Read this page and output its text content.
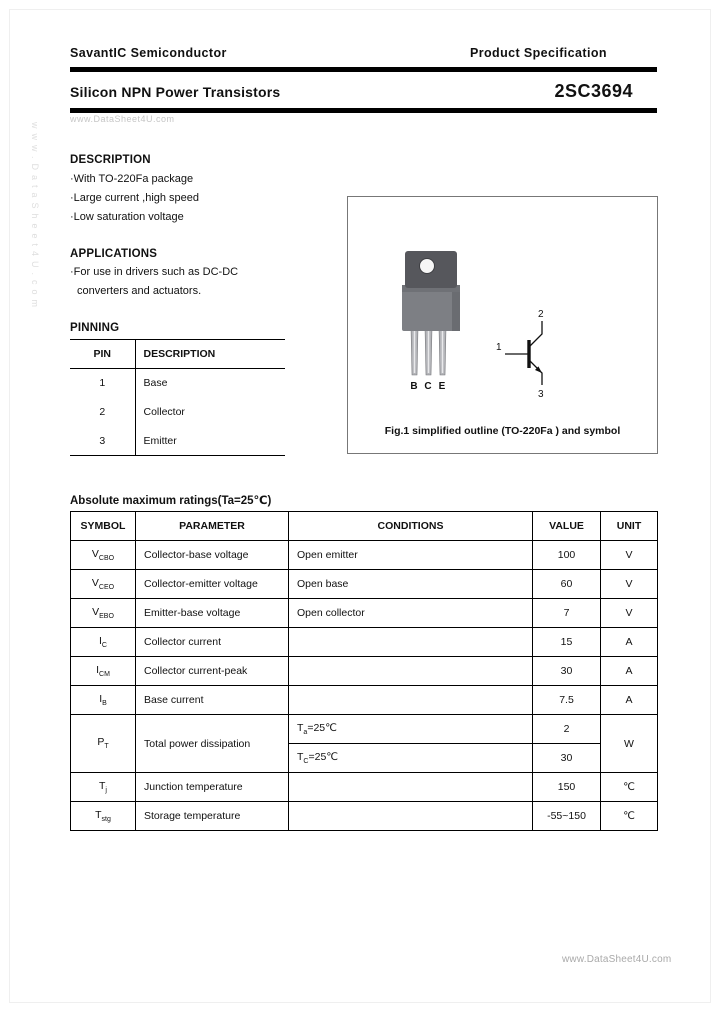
SavantIC Semiconductor	Product Specification
Silicon NPN Power Transistors	2SC3694
www.DataSheet4U.com
www.DataSheet4U.com	DESCRIPTION
·With TO-220Fa package
·Large current ,high speed
·Low saturation voltage
APPLICATIONS
·For use in drivers such as DC-DC
converters and actuators.
PINNING
PIN	DESCRIPTION
1	Base
2	Collector
3	Emitter
B C E
1
2
3
Fig.1 simplified outline (TO-220Fa ) and symbol
Absolute maximum ratings(Ta=25℃)
SYMBOL	PARAMETER	CONDITIONS	VALUE	UNIT
$V_{CBO}$	Collector-base voltage	Open emitter	100	V
$V_{CEO}$	Collector-emitter voltage	Open base	60	V
$V_{EBO}$	Emitter-base voltage	Open collector	7	V
$I_C$	Collector current		15	A
$I_{CM}$	Collector current-peak		30	A
$I_B$	Base current		7.5	A
$P_T$	Total power dissipation	$T_a=25℃$	2	W
		$T_C=25℃$	30	
$T_j$	Junction temperature		150	℃
$T_{stg}$	Storage temperature		-55~150	℃
www.DataSheet4U.com
